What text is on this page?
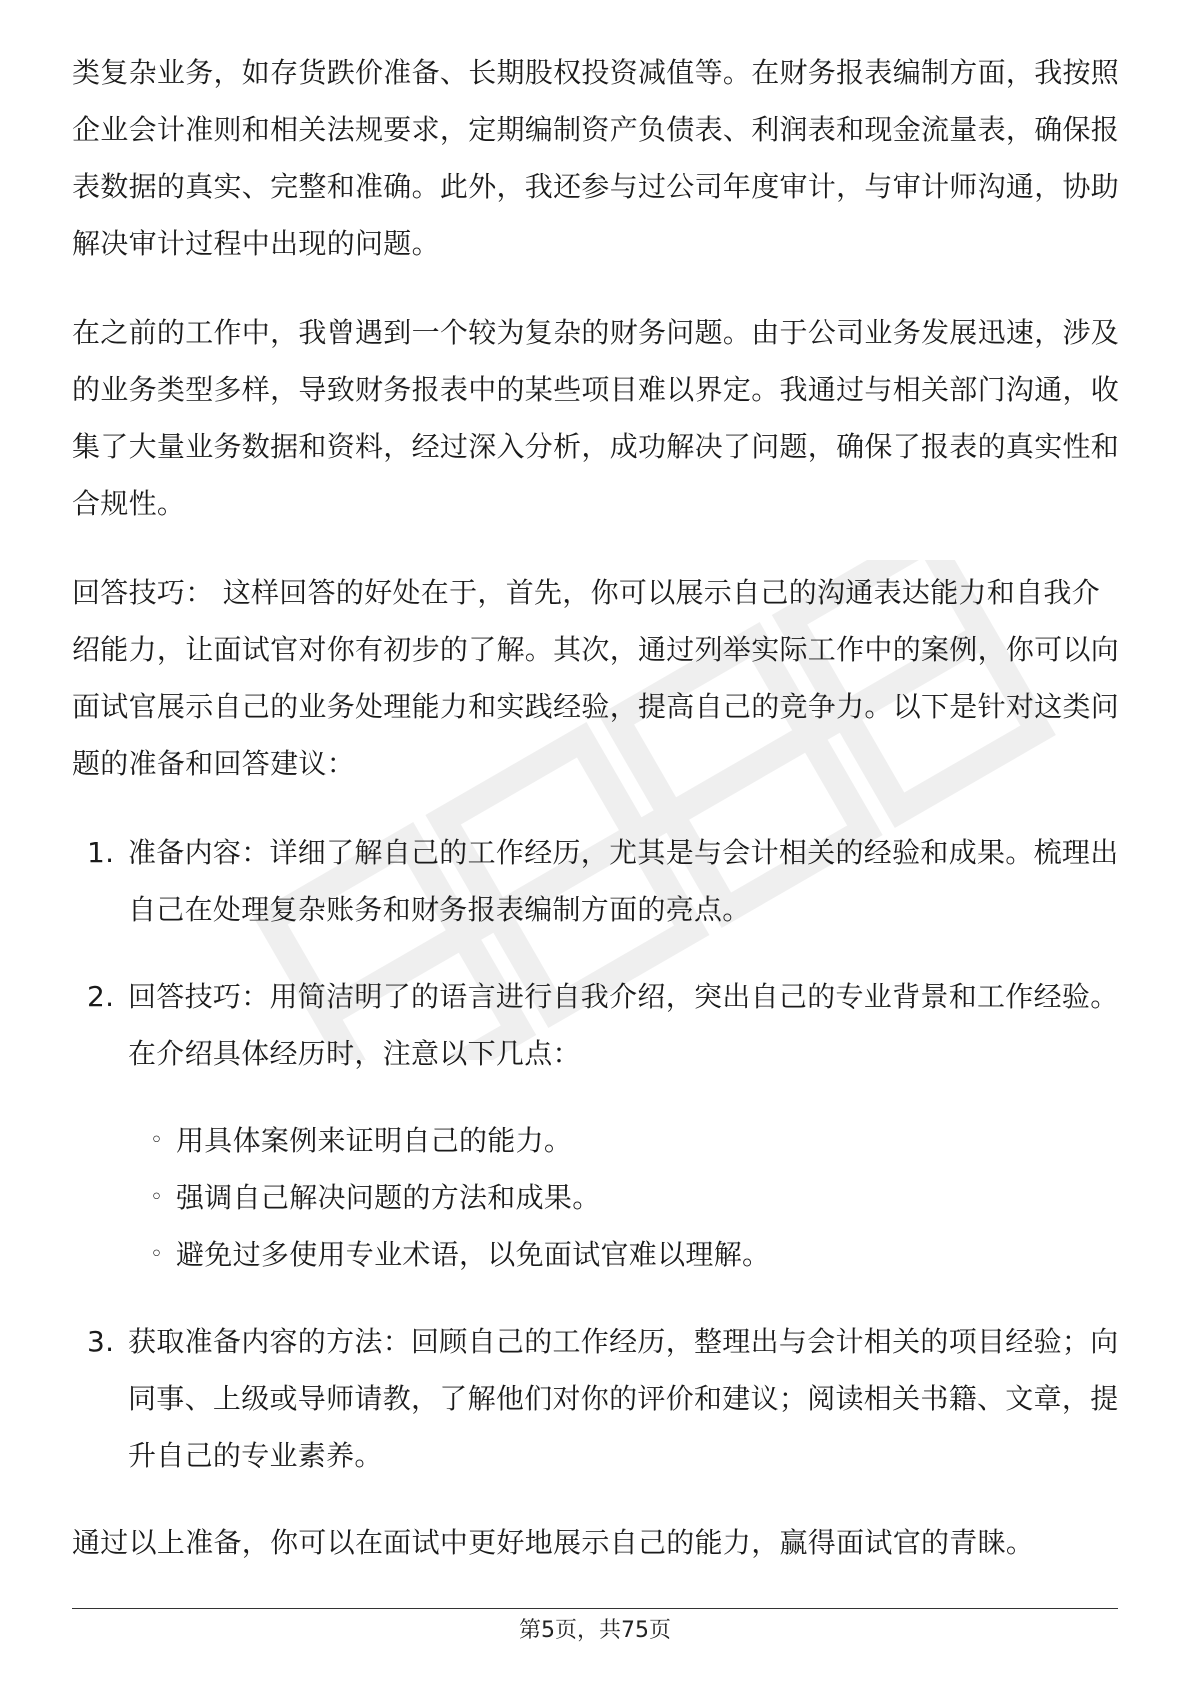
类复杂业务，如存货跌价准备、长期股权投资减值等。在财务报表编制方面，我按照企业会计准则和相关法规要求，定期编制资产负债表、利润表和现金流量表，确保报表数据的真实、完整和准确。此外，我还参与过公司年度审计，与审计师沟通，协助解决审计过程中出现的问题。

在之前的工作中，我曾遇到一个较为复杂的财务问题。由于公司业务发展迅速，涉及的业务类型多样，导致财务报表中的某些项目难以界定。我通过与相关部门沟通，收集了大量业务数据和资料，经过深入分析，成功解决了问题，确保了报表的真实性和合规性。

回答技巧： 这样回答的好处在于，首先，你可以展示自己的沟通表达能力和自我介绍能力，让面试官对你有初步的了解。其次，通过列举实际工作中的案例，你可以向面试官展示自己的业务处理能力和实践经验，提高自己的竞争力。以下是针对这类问题的准备和回答建议：

1. 准备内容：详细了解自己的工作经历，尤其是与会计相关的经验和成果。梳理出自己在处理复杂账务和财务报表编制方面的亮点。
2. 回答技巧：用简洁明了的语言进行自我介绍，突出自己的专业背景和工作经验。在介绍具体经历时，注意以下几点：
◦ 用具体案例来证明自己的能力。
◦ 强调自己解决问题的方法和成果。
◦ 避免过多使用专业术语，以免面试官难以理解。
3. 获取准备内容的方法：回顾自己的工作经历，整理出与会计相关的项目经验；向同事、上级或导师请教，了解他们对你的评价和建议；阅读相关书籍、文章，提升自己的专业素养。

通过以上准备，你可以在面试中更好地展示自己的能力，赢得面试官的青睐。

第5页，共75页
